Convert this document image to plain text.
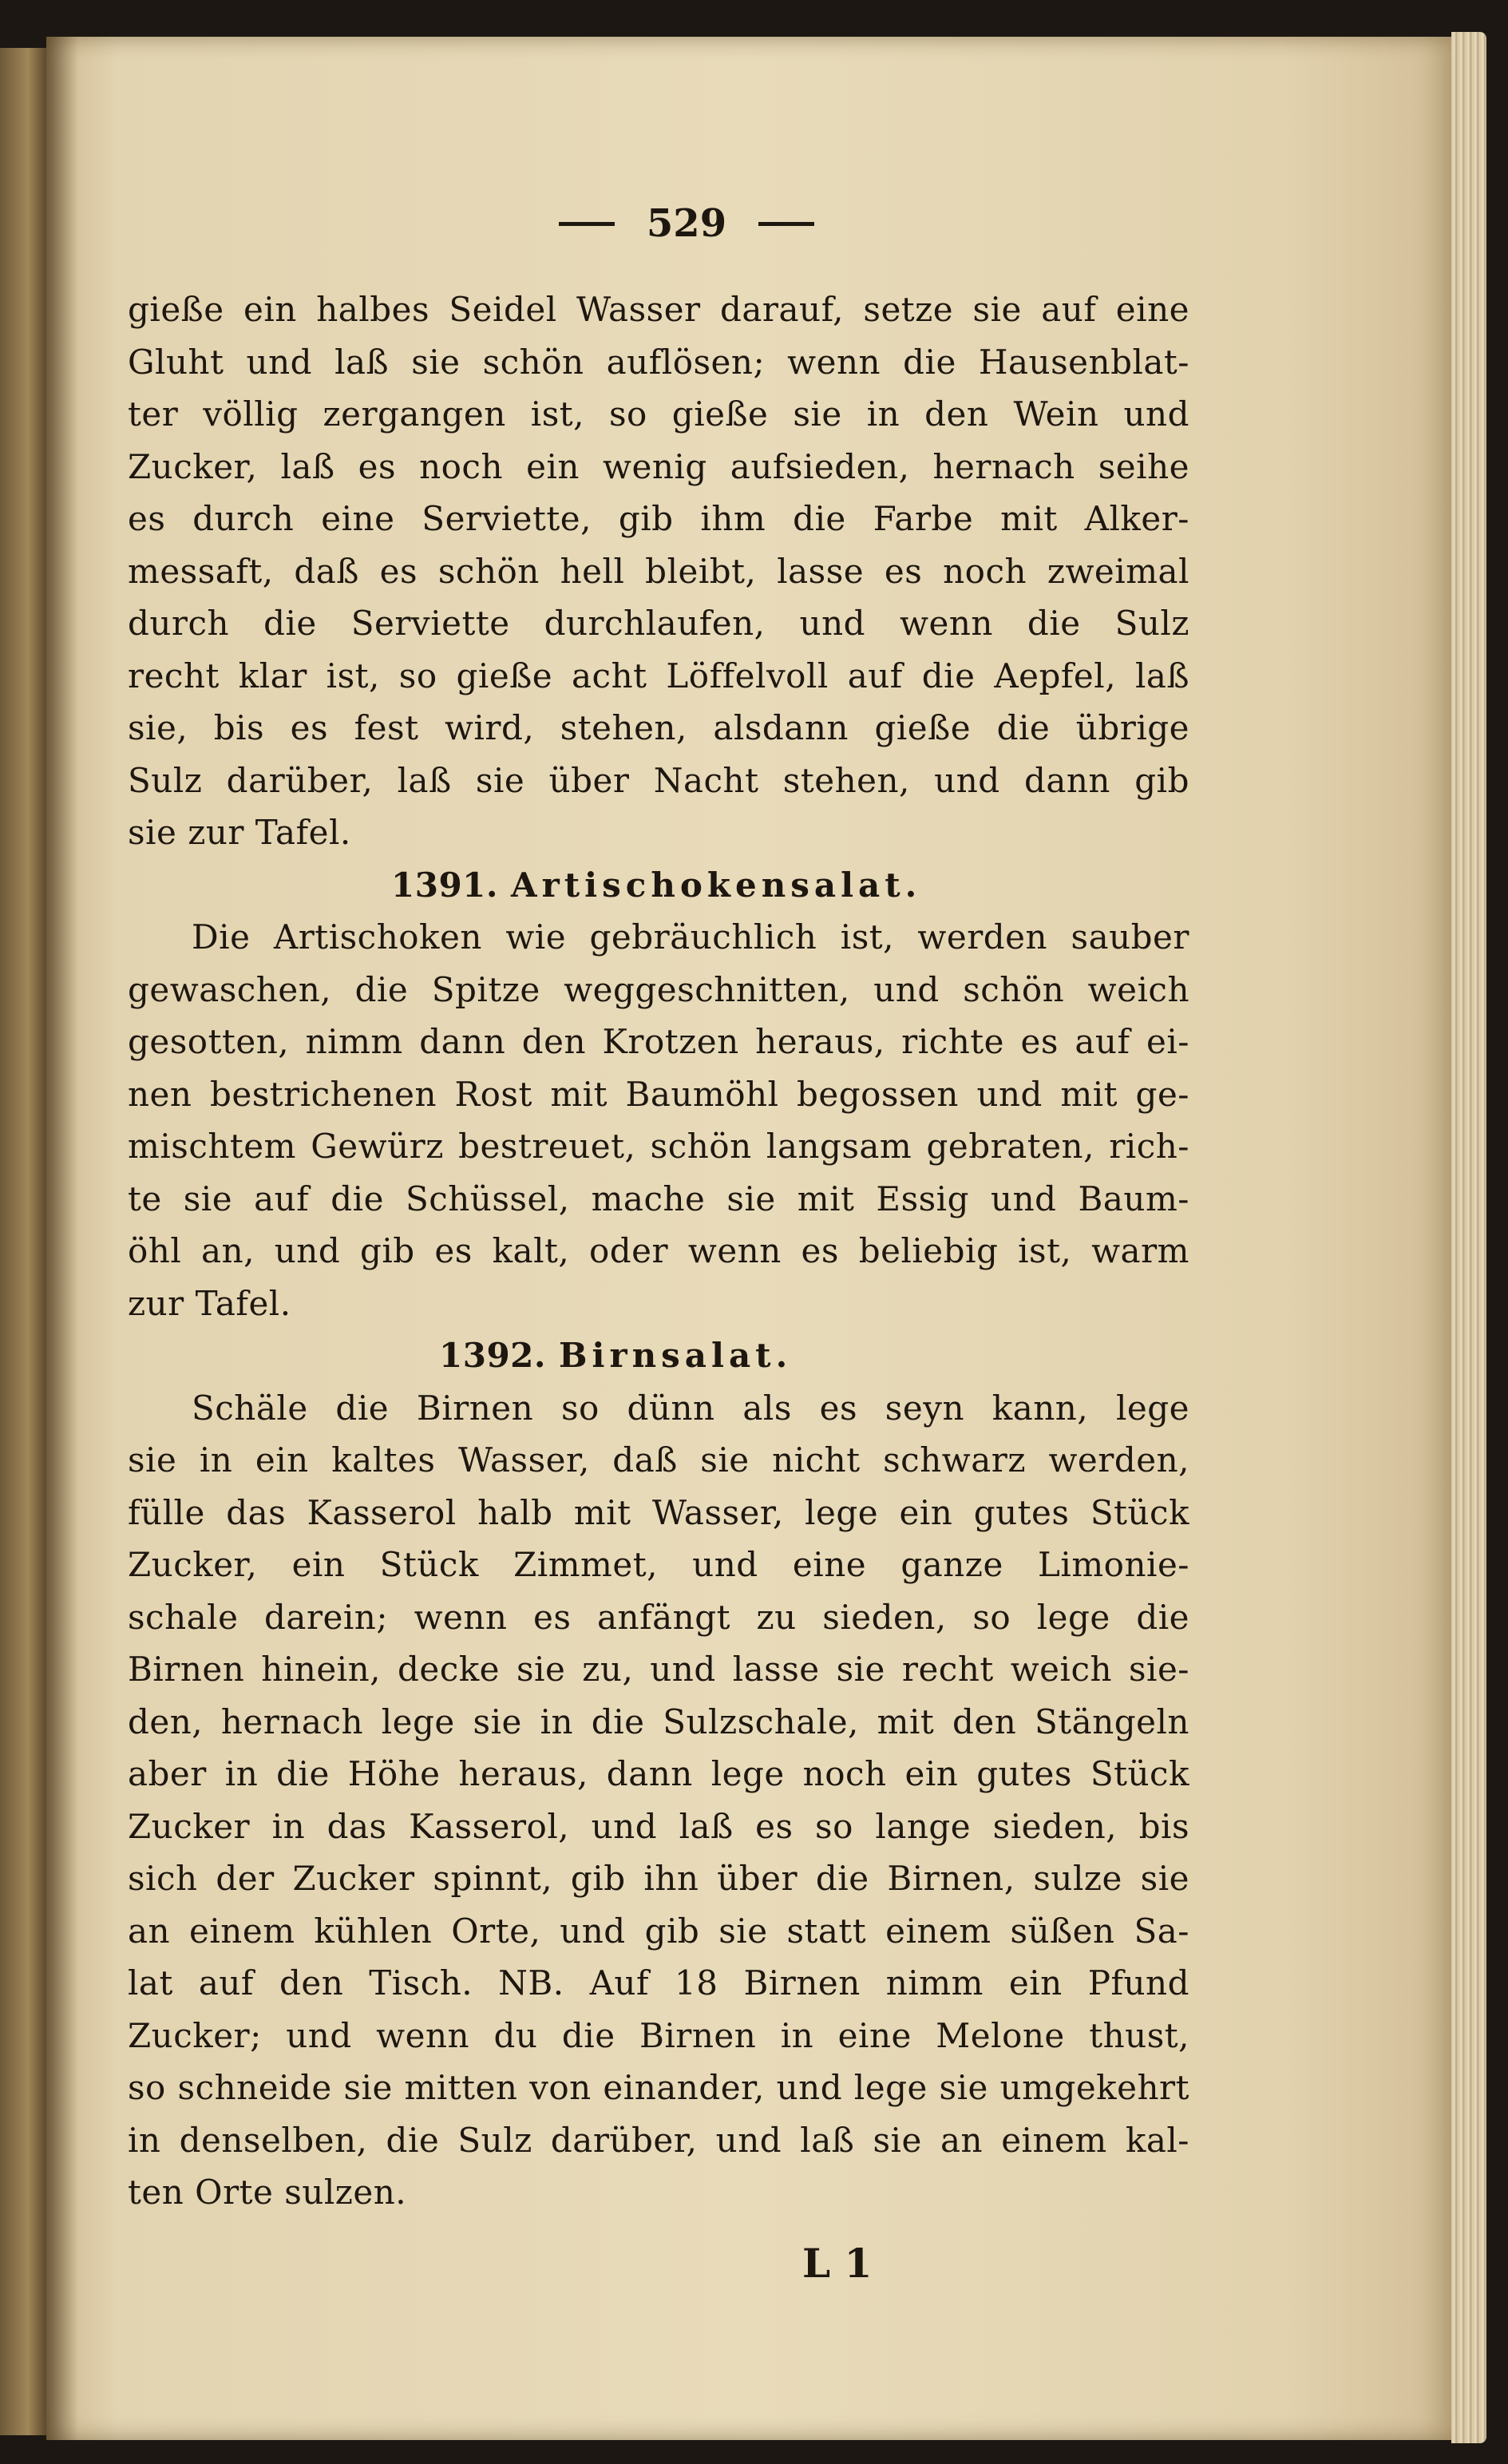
529
gieße ein halbes Seidel Wasser darauf, setze sie auf eine
Gluht und laß sie schön auflösen; wenn die Hausenblat-
ter völlig zergangen ist, so gieße sie in den Wein und
Zucker, laß es noch ein wenig aufsieden, hernach seihe
es durch eine Serviette, gib ihm die Farbe mit Alker-
messaft, daß es schön hell bleibt, lasse es noch zweimal
durch die Serviette durchlaufen, und wenn die Sulz
recht klar ist, so gieße acht Löffelvoll auf die Aepfel, laß
sie, bis es fest wird, stehen, alsdann gieße die übrige
Sulz darüber, laß sie über Nacht stehen, und dann gib
sie zur Tafel.
1391. Artischokensalat.
Die Artischoken wie gebräuchlich ist, werden sauber
gewaschen, die Spitze weggeschnitten, und schön weich
gesotten, nimm dann den Krotzen heraus, richte es auf ei-
nen bestrichenen Rost mit Baumöhl begossen und mit ge-
mischtem Gewürz bestreuet, schön langsam gebraten, rich-
te sie auf die Schüssel, mache sie mit Essig und Baum-
öhl an, und gib es kalt, oder wenn es beliebig ist, warm
zur Tafel.
1392. Birnsalat.
Schäle die Birnen so dünn als es seyn kann, lege
sie in ein kaltes Wasser, daß sie nicht schwarz werden,
fülle das Kasserol halb mit Wasser, lege ein gutes Stück
Zucker, ein Stück Zimmet, und eine ganze Limonie-
schale darein; wenn es anfängt zu sieden, so lege die
Birnen hinein, decke sie zu, und lasse sie recht weich sie-
den, hernach lege sie in die Sulzschale, mit den Stängeln
aber in die Höhe heraus, dann lege noch ein gutes Stück
Zucker in das Kasserol, und laß es so lange sieden, bis
sich der Zucker spinnt, gib ihn über die Birnen, sulze sie
an einem kühlen Orte, und gib sie statt einem süßen Sa-
lat auf den Tisch. NB. Auf 18 Birnen nimm ein Pfund
Zucker; und wenn du die Birnen in eine Melone thust,
so schneide sie mitten von einander, und lege sie umgekehrt
in denselben, die Sulz darüber, und laß sie an einem kal-
ten Orte sulzen.
L 1
